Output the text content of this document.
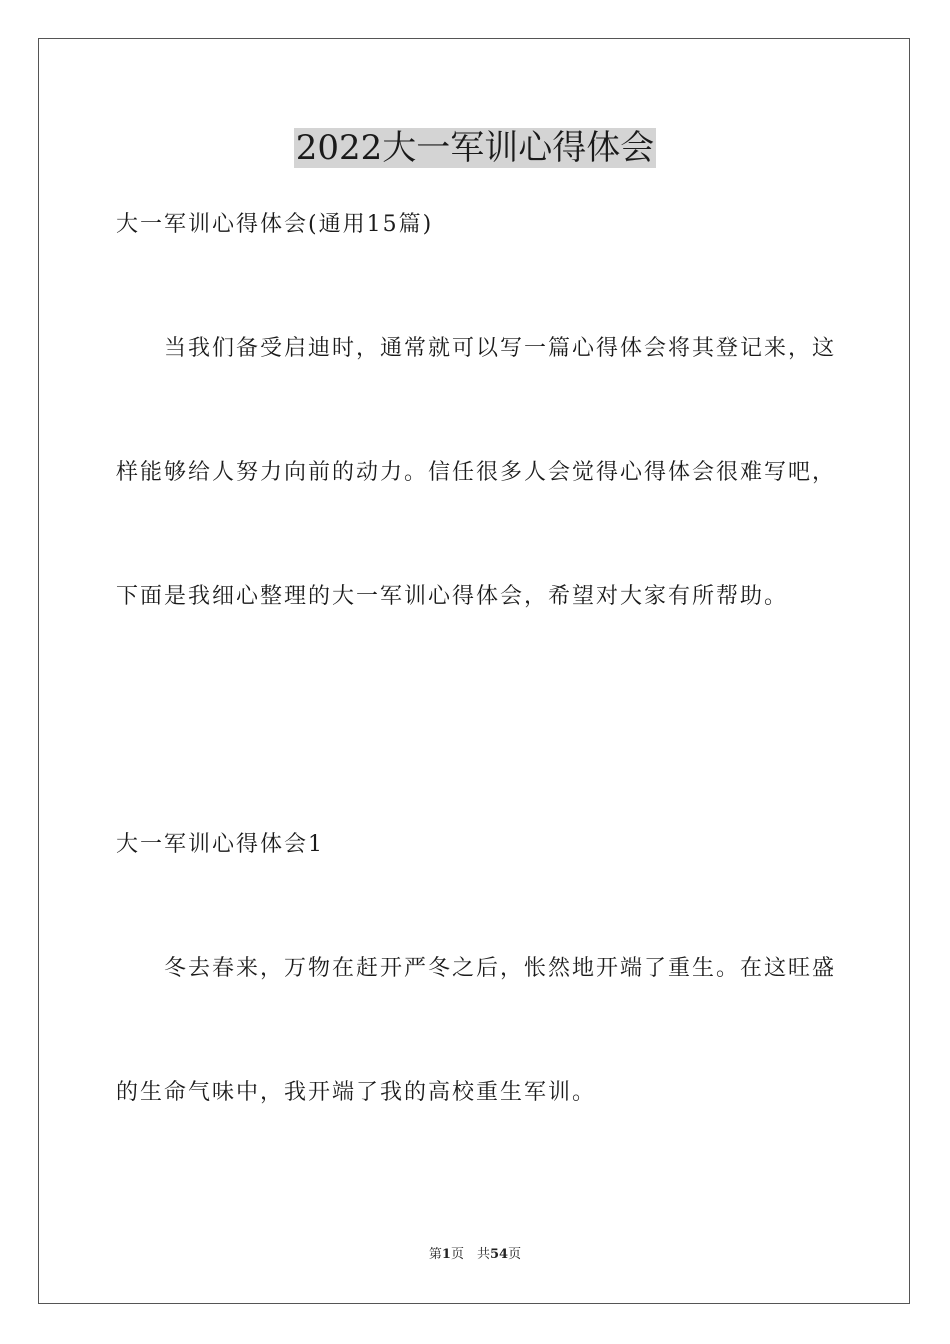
2022大一军训心得体会
大一军训心得体会(通用15篇)
当我们备受启迪时，通常就可以写一篇心得体会将其登记来，这
样能够给人努力向前的动力。信任很多人会觉得心得体会很难写吧，
下面是我细心整理的大一军训心得体会，希望对大家有所帮助。
大一军训心得体会1
冬去春来，万物在赶开严冬之后，怅然地开端了重生。在这旺盛
的生命气味中，我开端了我的高校重生军训。
第1页　共54页
